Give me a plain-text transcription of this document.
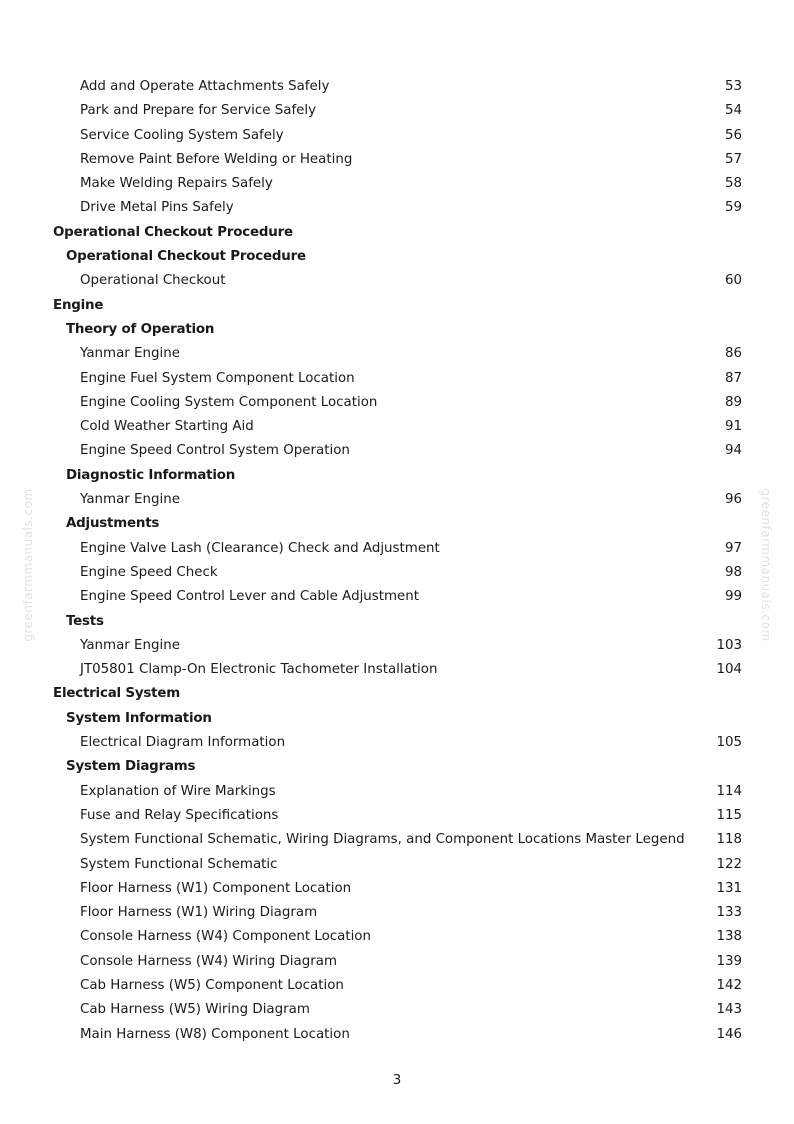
greenfarmmanuals.com	greenfarmmanuals.com
Add and Operate Attachments Safely	53
Park and Prepare for Service Safely	54
Service Cooling System Safely	56
Remove Paint Before Welding or Heating	57
Make Welding Repairs Safely	58
Drive Metal Pins Safely	59
Operational Checkout Procedure
Operational Checkout Procedure
Operational Checkout	60
Engine
Theory of Operation
Yanmar Engine	86
Engine Fuel System Component Location	87
Engine Cooling System Component Location	89
Cold Weather Starting Aid	91
Engine Speed Control System Operation	94
Diagnostic Information
Yanmar Engine	96
Adjustments
Engine Valve Lash (Clearance) Check and Adjustment	97
Engine Speed Check	98
Engine Speed Control Lever and Cable Adjustment	99
Tests
Yanmar Engine	103
JT05801 Clamp-On Electronic Tachometer Installation	104
Electrical System
System Information
Electrical Diagram Information	105
System Diagrams
Explanation of Wire Markings	114
Fuse and Relay Specifications	115
System Functional Schematic, Wiring Diagrams, and Component Locations Master Legend 118
System Functional Schematic	122
Floor Harness (W1) Component Location	131
Floor Harness (W1) Wiring Diagram	133
Console Harness (W4) Component Location	138
Console Harness (W4) Wiring Diagram	139
Cab Harness (W5) Component Location	142
Cab Harness (W5) Wiring Diagram	143
Main Harness (W8) Component Location	146
3
